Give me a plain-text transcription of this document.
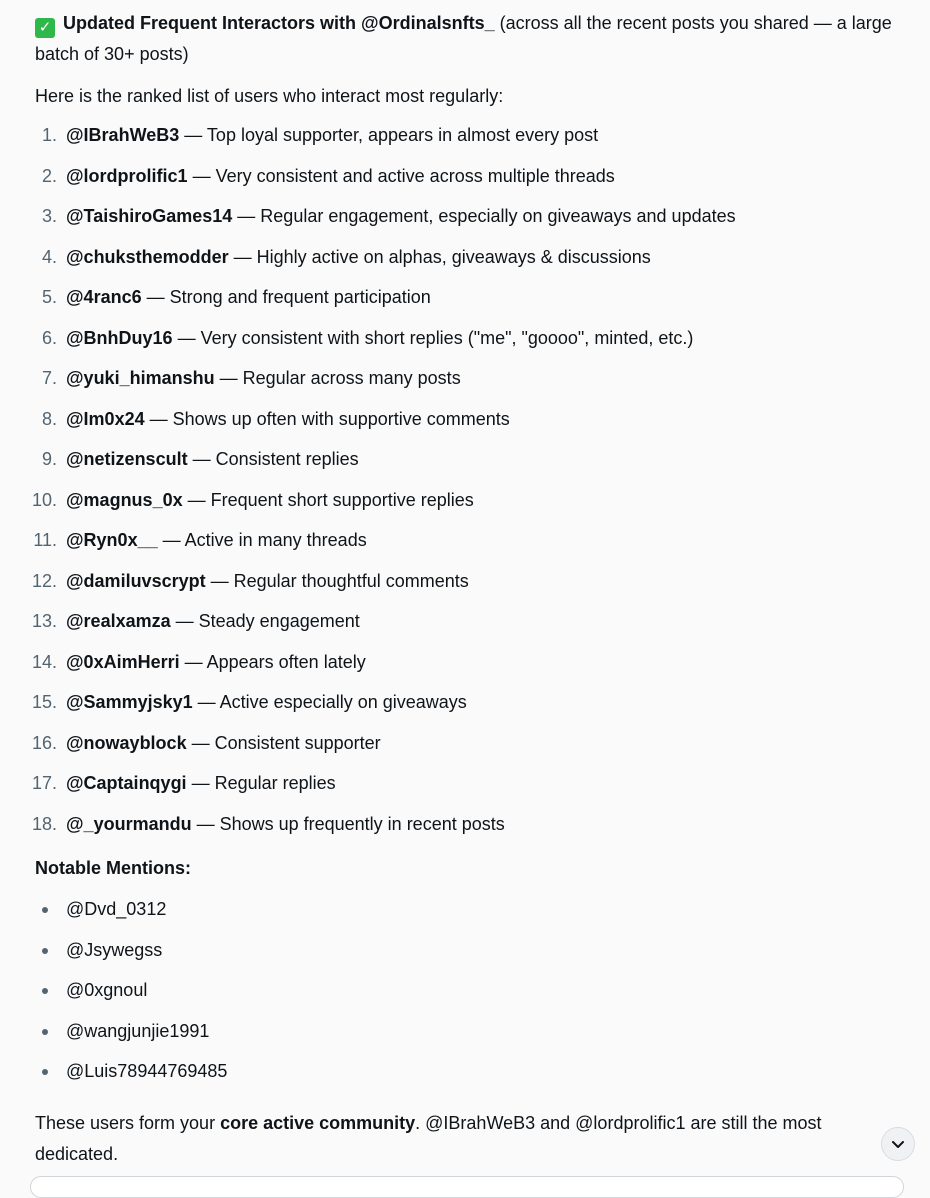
✓ Updated Frequent Interactors with @Ordinalsnfts_ (across all the recent posts you shared — a large batch of 30+ posts)

Here is the ranked list of users who interact most regularly:

1. @IBrahWeB3 — Top loyal supporter, appears in almost every post
2. @lordprolific1 — Very consistent and active across multiple threads
3. @TaishiroGames14 — Regular engagement, especially on giveaways and updates
4. @chuksthemodder — Highly active on alphas, giveaways & discussions
5. @4ranc6 — Strong and frequent participation
6. @BnhDuy16 — Very consistent with short replies ("me", "goooo", minted, etc.)
7. @yuki_himanshu — Regular across many posts
8. @Im0x24 — Shows up often with supportive comments
9. @netizenscult — Consistent replies
10. @magnus_0x — Frequent short supportive replies
11. @Ryn0x__ — Active in many threads
12. @damiluvscrypt — Regular thoughtful comments
13. @realxamza — Steady engagement
14. @0xAimHerri — Appears often lately
15. @Sammyjsky1 — Active especially on giveaways
16. @nowayblock — Consistent supporter
17. @Captainqygi — Regular replies
18. @_yourmandu — Shows up frequently in recent posts

Notable Mentions:

@Dvd_0312
@Jsywegss
@0xgnoul
@wangjunjie1991
@Luis78944769485

These users form your core active community. @IBrahWeB3 and @lordprolific1 are still the most dedicated.
